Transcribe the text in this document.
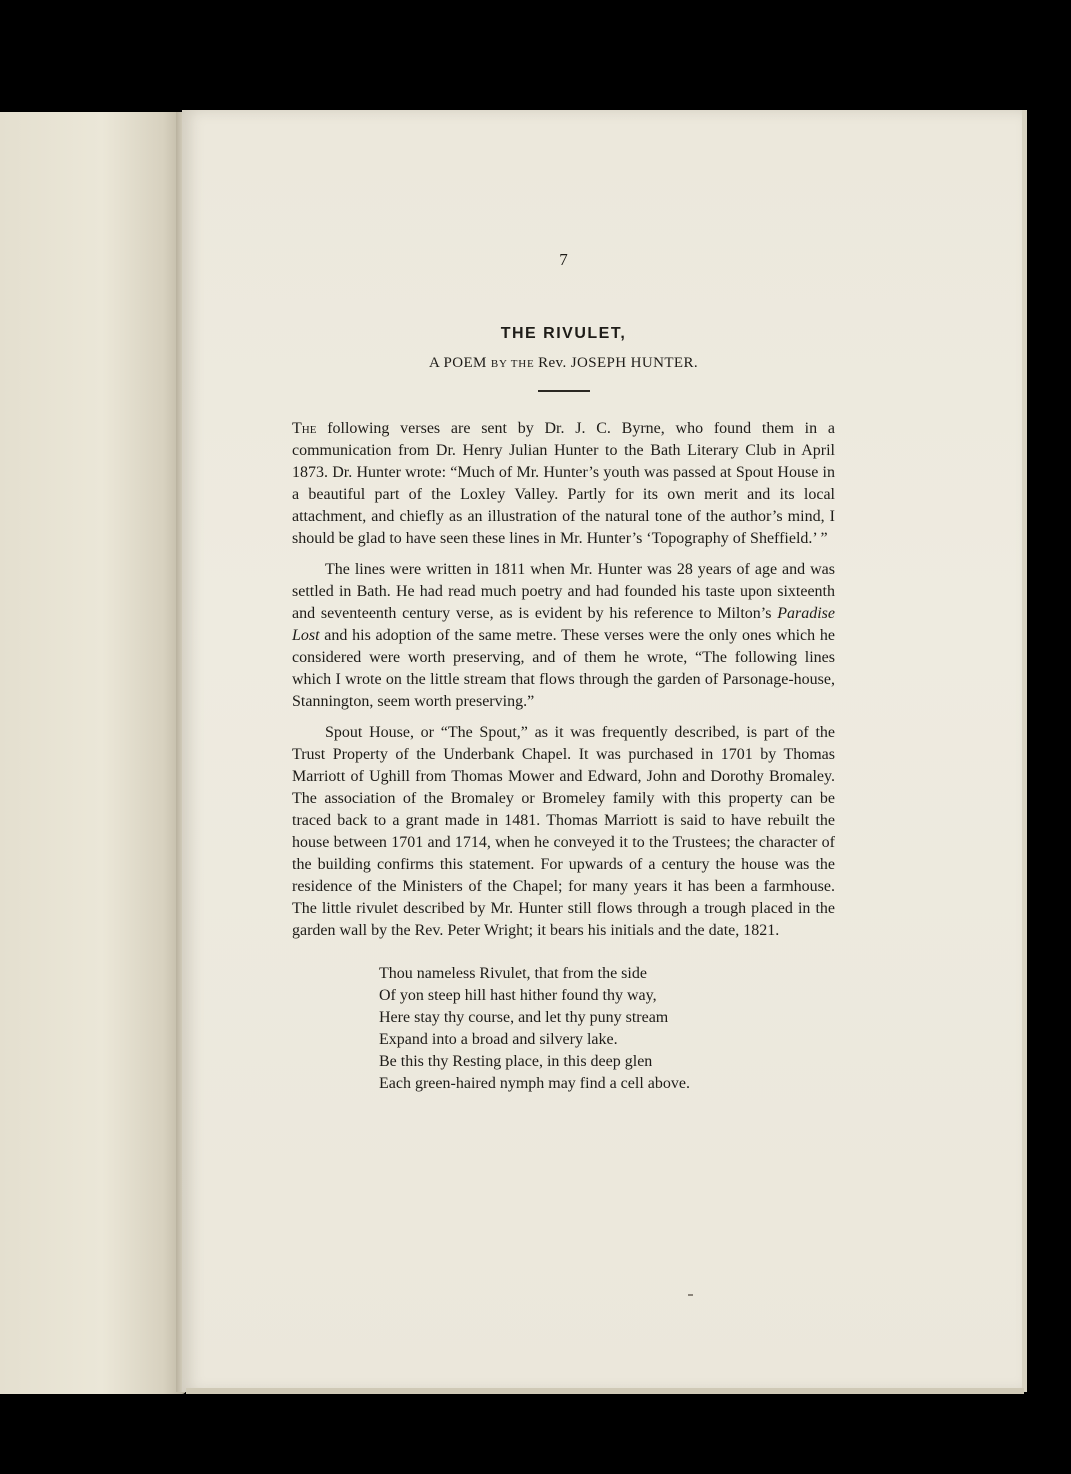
7
THE RIVULET,
A POEM BY THE Rev. JOSEPH HUNTER.

The following verses are sent by Dr. J. C. Byrne, who found them in a communication from Dr. Henry Julian Hunter to the Bath Literary Club in April 1873. Dr. Hunter wrote: “Much of Mr. Hunter’s youth was passed at Spout House in a beautiful part of the Loxley Valley. Partly for its own merit and its local attachment, and chiefly as an illustration of the natural tone of the author’s mind, I should be glad to have seen these lines in Mr. Hunter’s ‘Topography of Sheffield.’ ”

The lines were written in 1811 when Mr. Hunter was 28 years of age and was settled in Bath. He had read much poetry and had founded his taste upon sixteenth and seventeenth century verse, as is evident by his reference to Milton’s Paradise Lost and his adoption of the same metre. These verses were the only ones which he considered were worth preserving, and of them he wrote, “The following lines which I wrote on the little stream that flows through the garden of Parsonage-house, Stannington, seem worth preserving.”

Spout House, or “The Spout,” as it was frequently described, is part of the Trust Property of the Underbank Chapel. It was purchased in 1701 by Thomas Marriott of Ughill from Thomas Mower and Edward, John and Dorothy Bromaley. The association of the Bromaley or Bromeley family with this property can be traced back to a grant made in 1481. Thomas Marriott is said to have rebuilt the house between 1701 and 1714, when he conveyed it to the Trustees; the character of the building confirms this statement. For upwards of a century the house was the residence of the Ministers of the Chapel; for many years it has been a farmhouse. The little rivulet described by Mr. Hunter still flows through a trough placed in the garden wall by the Rev. Peter Wright; it bears his initials and the date, 1821.

Thou nameless Rivulet, that from the side

Of yon steep hill hast hither found thy way,

Here stay thy course, and let thy puny stream

Expand into a broad and silvery lake.

Be this thy Resting place, in this deep glen

Each green-haired nymph may find a cell above.
